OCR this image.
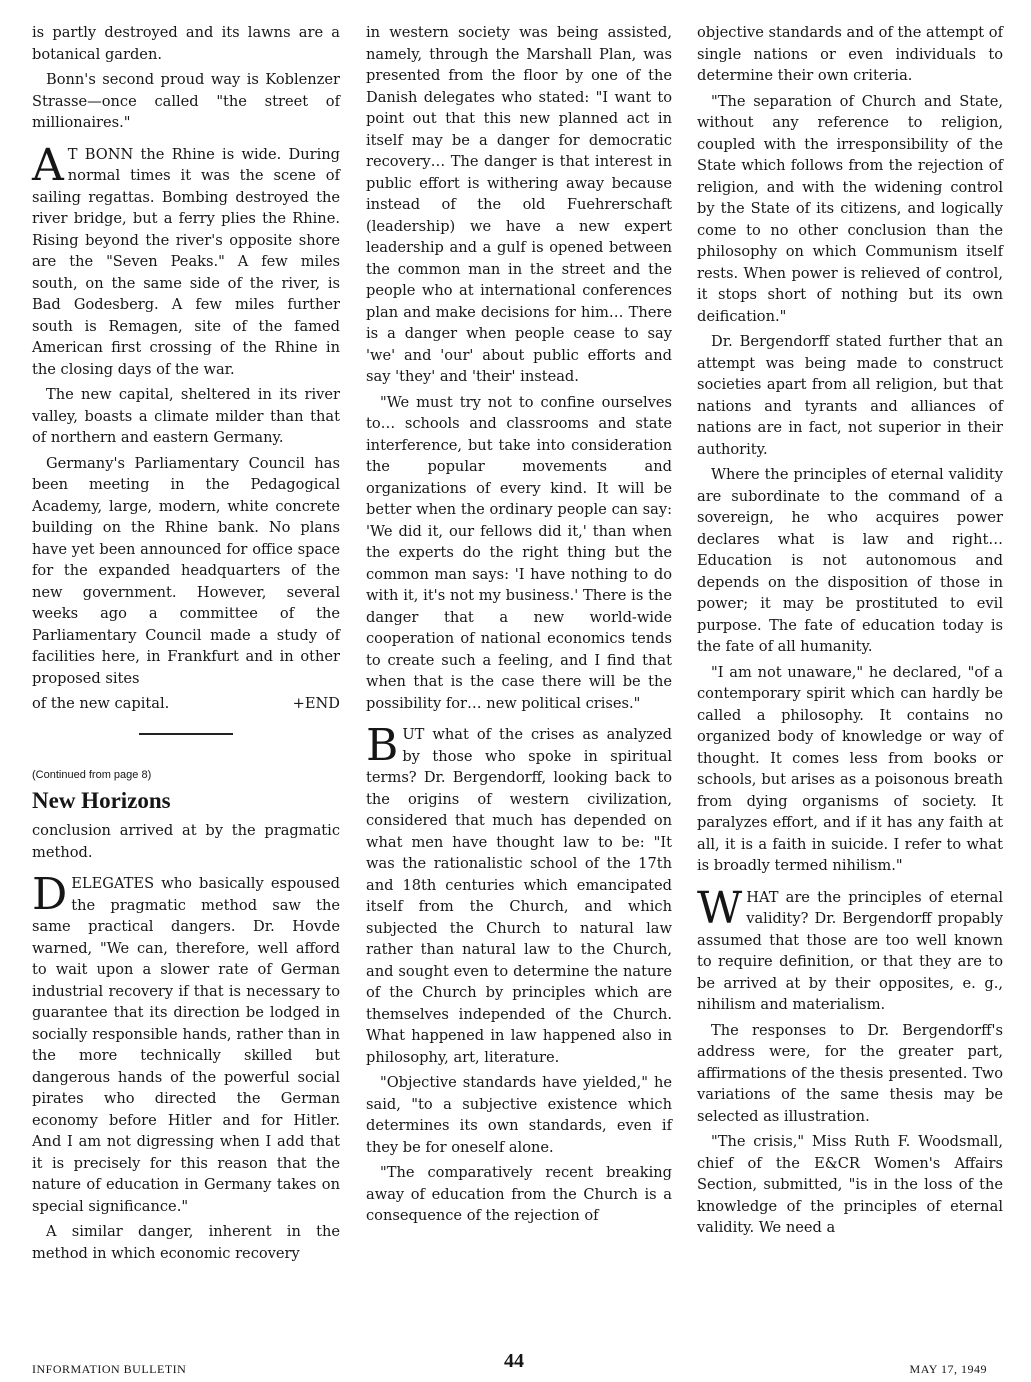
is partly destroyed and its lawns are a botanical garden.

Bonn's second proud way is Koblenzer Strasse—once called "the street of millionaires."

A T BONN the Rhine is wide. During normal times it was the scene of sailing regattas. Bombing destroyed the river bridge, but a ferry plies the Rhine. Rising beyond the river's opposite shore are the "Seven Peaks." A few miles south, on the same side of the river, is Bad Godesberg. A few miles further south is Remagen, site of the famed American first crossing of the Rhine in the closing days of the war.

The new capital, sheltered in its river valley, boasts a climate milder than that of northern and eastern Germany.

Germany's Parliamentary Council has been meeting in the Pedagogical Academy, large, modern, white concrete building on the Rhine bank. No plans have yet been announced for office space for the expanded headquarters of the new government. However, several weeks ago a committee of the Parliamentary Council made a study of facilities here, in Frankfurt and in other proposed sites

of the new capital.	+END
(Continued from page 8)
New Horizons

conclusion arrived at by the pragmatic method.

DELEGATES who basically espoused the pragmatic method saw the same practical dangers. Dr. Hovde warned, "We can, therefore, well afford to wait upon a slower rate of German industrial recovery if that is necessary to guarantee that its direction be lodged in socially responsible hands, rather than in the more technically skilled but dangerous hands of the powerful social pirates who directed the German economy before Hitler and for Hitler. And I am not digressing when I add that it is precisely for this reason that the nature of education in Germany takes on special significance."

A similar danger, inherent in the method in which economic recovery

in western society was being assisted, namely, through the Marshall Plan, was presented from the floor by one of the Danish delegates who stated: "I want to point out that this new planned act in itself may be a danger for democratic recovery… The danger is that interest in public effort is withering away because instead of the old Fuehrerschaft (leadership) we have a new expert leadership and a gulf is opened between the common man in the street and the people who at international conferences plan and make decisions for him… There is a danger when people cease to say 'we' and 'our' about public efforts and say 'they' and 'their' instead.

"We must try not to confine ourselves to… schools and classrooms and state interference, but take into consideration the popular movements and organizations of every kind. It will be better when the ordinary people can say: 'We did it, our fellows did it,' than when the experts do the right thing but the common man says: 'I have nothing to do with it, it's not my business.' There is the danger that a new world-wide cooperation of national economics tends to create such a feeling, and I find that when that is the case there will be the possibility for… new political crises."

BUT what of the crises as analyzed by those who spoke in spiritual terms? Dr. Bergendorff, looking back to the origins of western civilization, considered that much has depended on what men have thought law to be: "It was the rationalistic school of the 17th and 18th centuries which emancipated itself from the Church, and which subjected the Church to natural law rather than natural law to the Church, and sought even to determine the nature of the Church by principles which are themselves independed of the Church. What happened in law happened also in philosophy, art, literature.

"Objective standards have yielded," he said, "to a subjective existence which determines its own standards, even if they be for oneself alone.

"The comparatively recent breaking away of education from the Church is a consequence of the rejection of

objective standards and of the attempt of single nations or even individuals to determine their own criteria.

"The separation of Church and State, without any reference to religion, coupled with the irresponsibility of the State which follows from the rejection of religion, and with the widening control by the State of its citizens, and logically come to no other conclusion than the philosophy on which Communism itself rests. When power is relieved of control, it stops short of nothing but its own deification."

Dr. Bergendorff stated further that an attempt was being made to construct societies apart from all religion, but that nations and tyrants and alliances of nations are in fact, not superior in their authority.

Where the principles of eternal validity are subordinate to the command of a sovereign, he who acquires power declares what is law and right… Education is not autonomous and depends on the disposition of those in power; it may be prostituted to evil purpose. The fate of education today is the fate of all humanity.

"I am not unaware," he declared, "of a contemporary spirit which can hardly be called a philosophy. It contains no organized body of knowledge or way of thought. It comes less from books or schools, but arises as a poisonous breath from dying organisms of society. It paralyzes effort, and if it has any faith at all, it is a faith in suicide. I refer to what is broadly termed nihilism."

WHAT are the principles of eternal validity? Dr. Bergendorff propably assumed that those are too well known to require definition, or that they are to be arrived at by their opposites, e. g., nihilism and materialism.

The responses to Dr. Bergendorff's address were, for the greater part, affirmations of the thesis presented. Two variations of the same thesis may be selected as illustration.

"The crisis," Miss Ruth F. Woodsmall, chief of the E&CR Women's Affairs Section, submitted, "is in the loss of the knowledge of the principles of eternal validity. We need a

INFORMATION BULLETIN	44	MAY 17, 1949
